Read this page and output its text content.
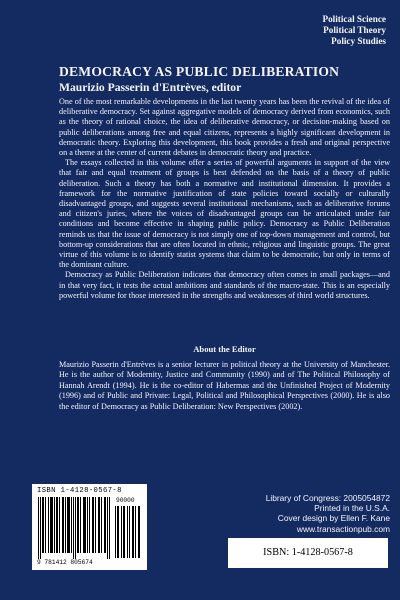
Political Science
Political Theory
Policy Studies
DEMOCRACY AS PUBLIC DELIBERATION
Maurizio Passerin d'Entrèves, editor

One of the most remarkable developments in the last twenty years has been the revival of the idea of deliberative democracy. Set against aggregative models of democracy derived from economics, such as the theory of rational choice, the idea of deliberative democracy, or decision-making based on public deliberations among free and equal citizens, represents a highly significant development in democratic theory. Exploring this development, this book provides a fresh and original perspective on a theme at the center of current debates in democratic theory and practice.

The essays collected in this volume offer a series of powerful arguments in support of the view that fair and equal treatment of groups is best defended on the basis of a theory of public deliberation. Such a theory has both a normative and institutional dimension. It provides a framework for the normative justification of state policies toward socially or culturally disadvantaged groups, and suggests several institutional mechanisms, such as deliberative forums and citizen's juries, where the voices of disadvantaged groups can be articulated under fair conditions and become effective in shaping public policy. Democracy as Public Deliberation reminds us that the issue of democracy is not simply one of top-down management and control, but bottom-up considerations that are often located in ethnic, religious and linguistic groups. The great virtue of this volume is to identify statist systems that claim to be democratic, but only in terms of the dominant culture.

Democracy as Public Deliberation indicates that democracy often comes in small packages—and in that very fact, it tests the actual ambitions and standards of the macro-state. This is an especially powerful volume for those interested in the strengths and weaknesses of third world structures.

About the Editor

Maurizio Passerin d'Entrèves is a senior lecturer in political theory at the University of Manchester. He is the author of Modernity, Justice and Community (1990) and of The Political Philosophy of Hannah Arendt (1994). He is the co-editor of Habermas and the Unfinished Project of Modernity (1996) and of Public and Private: Legal, Political and Philosophical Perspectives (2000). He is also the editor of Democracy as Public Deliberation: New Perspectives (2002).

ISBN 1-4128-0567-8
90000
9 781412 805674
Library of Congress: 2005054872
Printed in the U.S.A.
Cover design by Ellen F. Kane
www.transactionpub.com
ISBN: 1-4128-0567-8
